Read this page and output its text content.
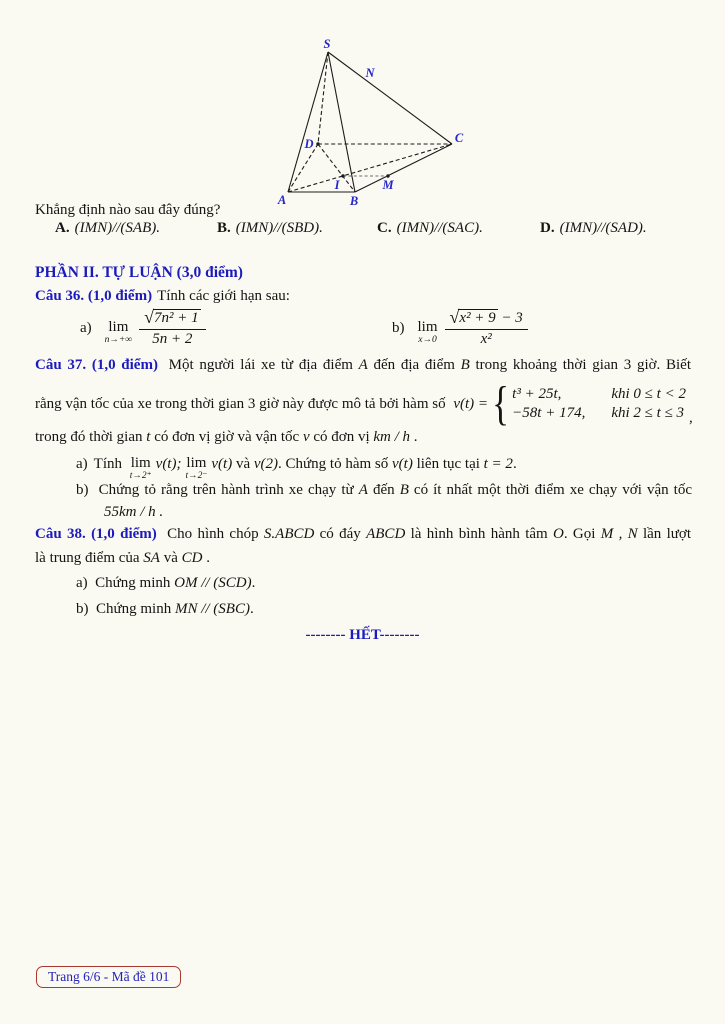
S
N
C
D
A	B
I	M
Khẳng định nào sau đây đúng?
A. (IMN)//(SAB).	B. (IMN)//(SBD).	C. (IMN)//(SAC).	D. (IMN)//(SAD).
PHẦN II. TỰ LUẬN (3,0 điểm)
Câu 36. (1,0 điểm) Tính các giới hạn sau:
a) lim
$n\to+\infty \frac{\text{√7n² + 1}}{5n + 2}$	b) lim
$x\to 0 \frac{\text{√x² + 9 − 3}}{\text{x²}}$
Câu 37. (1,0 điểm) Một người lái xe từ địa điểm A đến địa điểm B trong khoảng thời gian 3 giờ. Biết
rằng vận tốc của xe trong thời gian 3 giờ này được mô tả bởi hàm số v(t) = { t³ + 25t,	khi 0 ≤ t < 2
−58t + 174, khi 2 ≤ t ≤ 3 ,
trong đó thời gian t có đơn vị giờ và vận tốc v có đơn vị km / h .
a) Tính lim
t→2⁺
v(t); lim
t→2⁻
v(t) và v(2) . Chứng tỏ hàm số v(t) liên tục tại t = 2 .
b)  Chứng tỏ rằng trên hành trình xe chạy từ A đến B có ít nhất một thời điểm xe chạy với vận tốc
55km / h .
Câu 38. (1,0 điểm) Cho hình chóp S.ABCD có đáy ABCD là hình bình hành tâm O. Gọi M , N lần lượt
là trung điểm của SA và CD .
a)  Chứng minh OM // (SCD).
b)  Chứng minh MN // (SBC).
-------- HẾT--------
Trang 6/6 - Mã đề 101
